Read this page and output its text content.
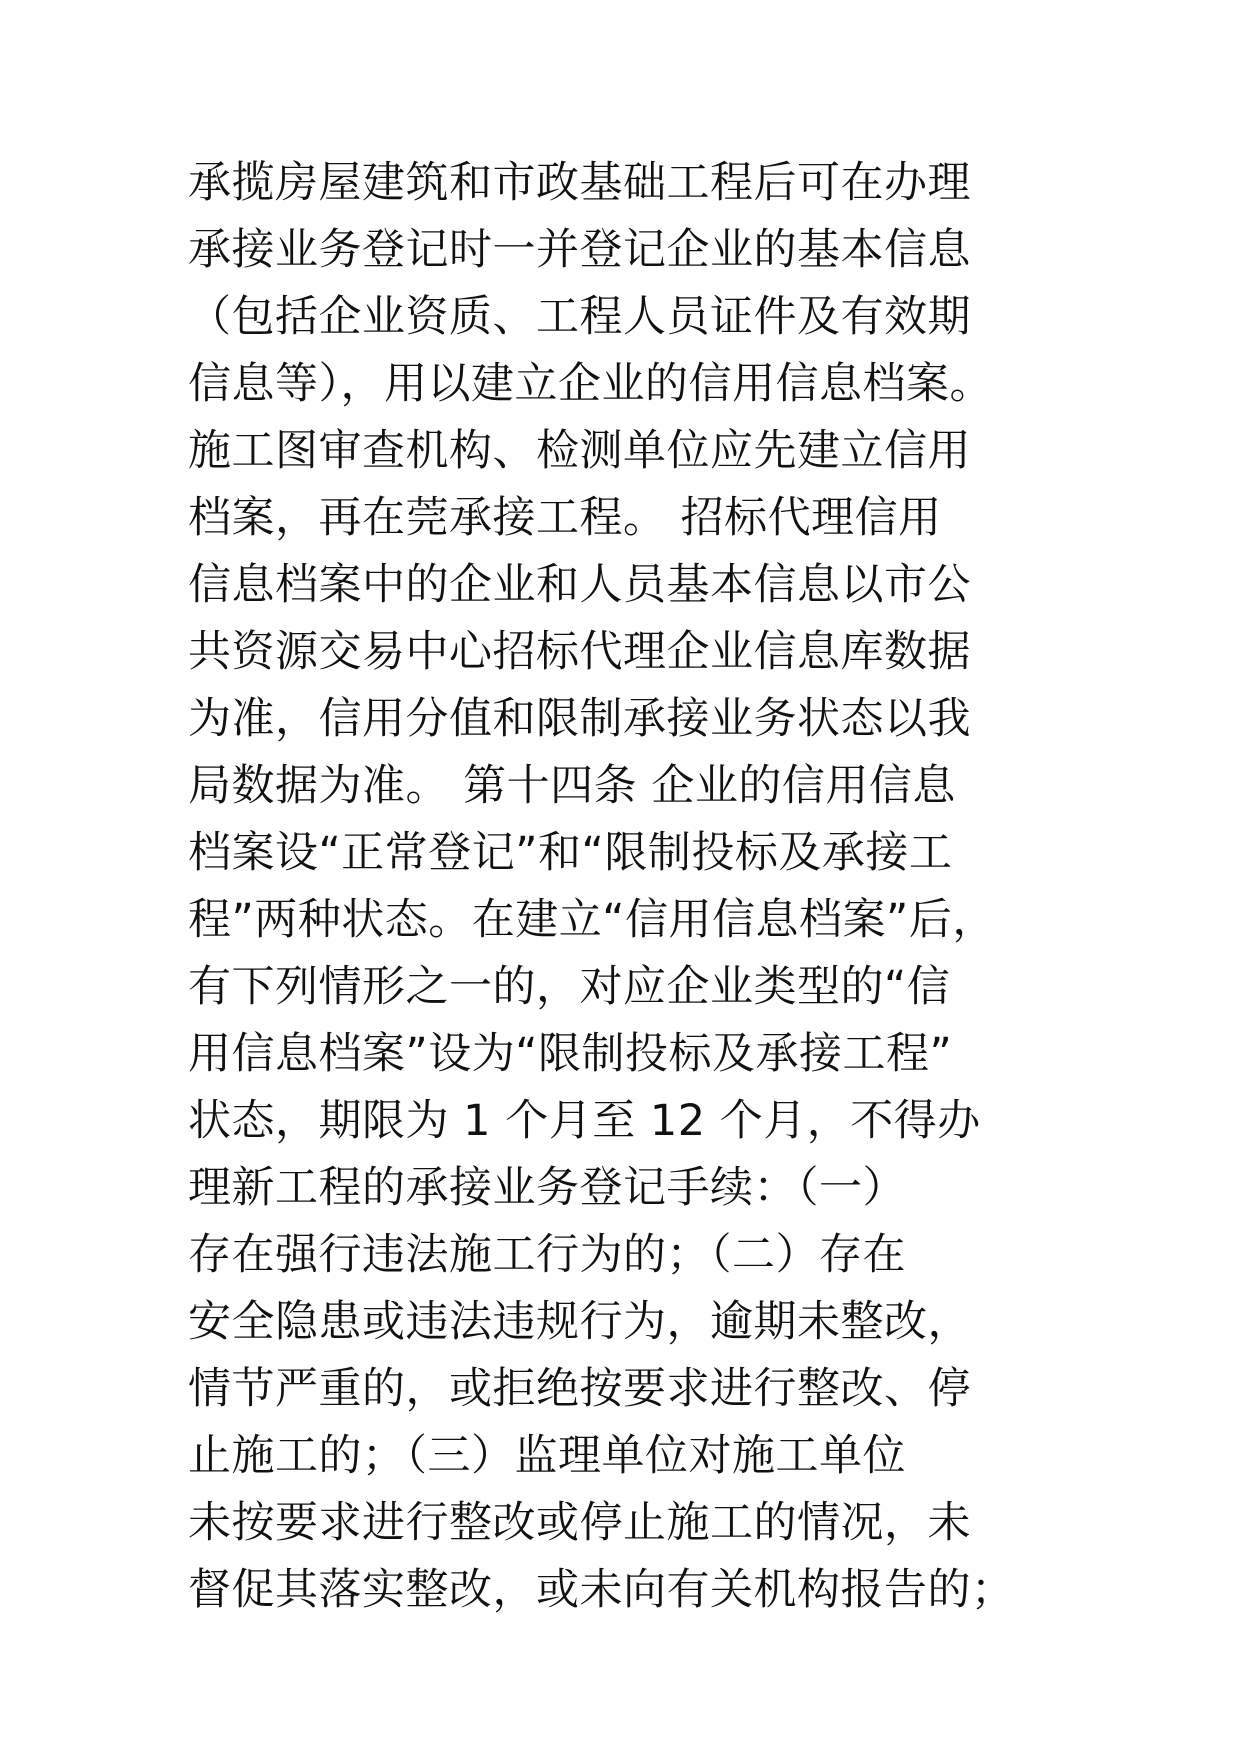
承揽房屋建筑和市政基础工程后可在办理
承接业务登记时一并登记企业的基本信息
（包括企业资质、工程人员证件及有效期
信息等），用以建立企业的信用信息档案。
施工图审查机构、检测单位应先建立信用
档案，再在莞承接工程。 招标代理信用
信息档案中的企业和人员基本信息以市公
共资源交易中心招标代理企业信息库数据
为准，信用分值和限制承接业务状态以我
局数据为准。 第十四条 企业的信用信息
档案设“正常登记”和“限制投标及承接工
程”两种状态。在建立“信用信息档案”后，
有下列情形之一的，对应企业类型的“信
用信息档案”设为“限制投标及承接工程”
状态，期限为 1 个月至 12 个月，不得办
理新工程的承接业务登记手续：（一）
存在强行违法施工行为的；（二）存在
安全隐患或违法违规行为，逾期未整改，
情节严重的，或拒绝按要求进行整改、停
止施工的；（三）监理单位对施工单位
未按要求进行整改或停止施工的情况，未
督促其落实整改，或未向有关机构报告的；
